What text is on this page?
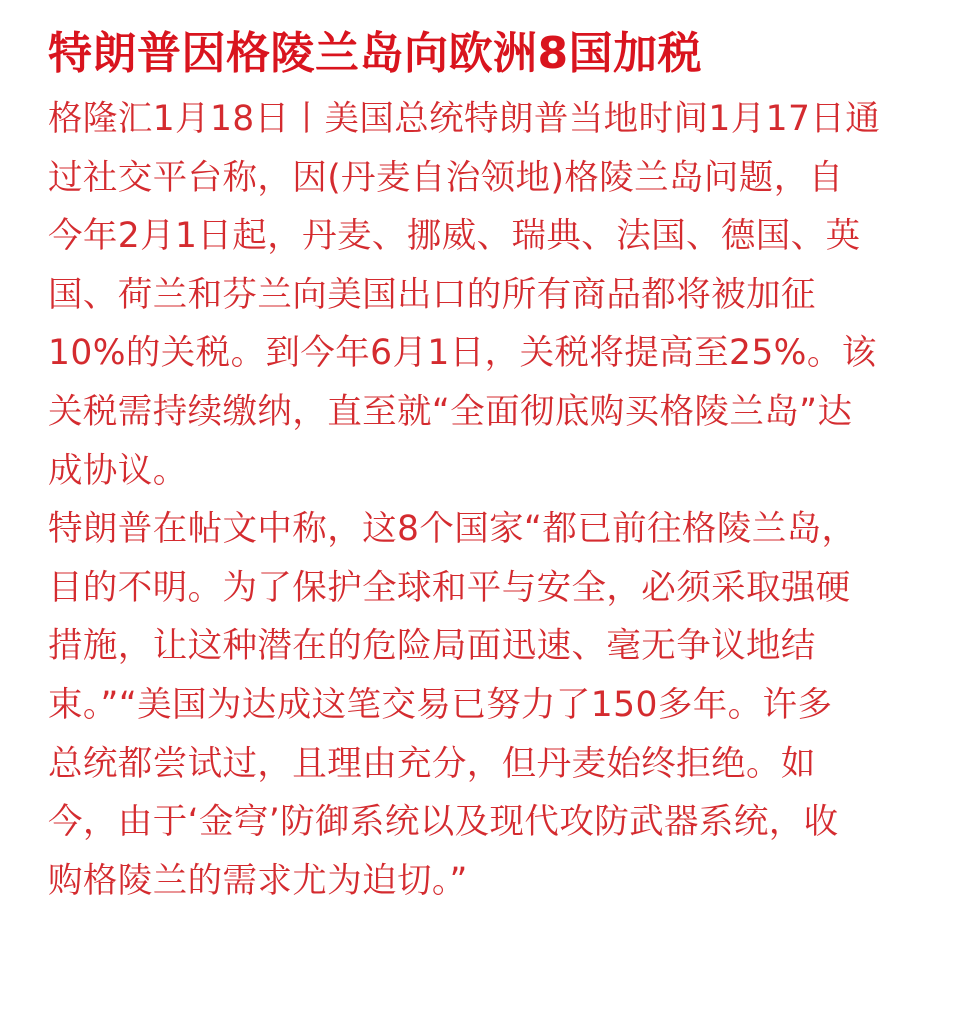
特朗普因格陵兰岛向欧洲8国加税
格隆汇1月18日丨美国总统特朗普当地时间1月17日通
过社交平台称，因(丹麦自治领地)格陵兰岛问题，自
今年2月1日起，丹麦、挪威、瑞典、法国、德国、英
国、荷兰和芬兰向美国出口的所有商品都将被加征
10%的关税。到今年6月1日，关税将提高至25%。该
关税需持续缴纳，直至就“全面彻底购买格陵兰岛”达
成协议。
特朗普在帖文中称，这8个国家“都已前往格陵兰岛，
目的不明。为了保护全球和平与安全，必须采取强硬
措施，让这种潜在的危险局面迅速、毫无争议地结
束。”“美国为达成这笔交易已努力了150多年。许多
总统都尝试过，且理由充分，但丹麦始终拒绝。如
今，由于‘金穹’防御系统以及现代攻防武器系统，收
购格陵兰的需求尤为迫切。”
